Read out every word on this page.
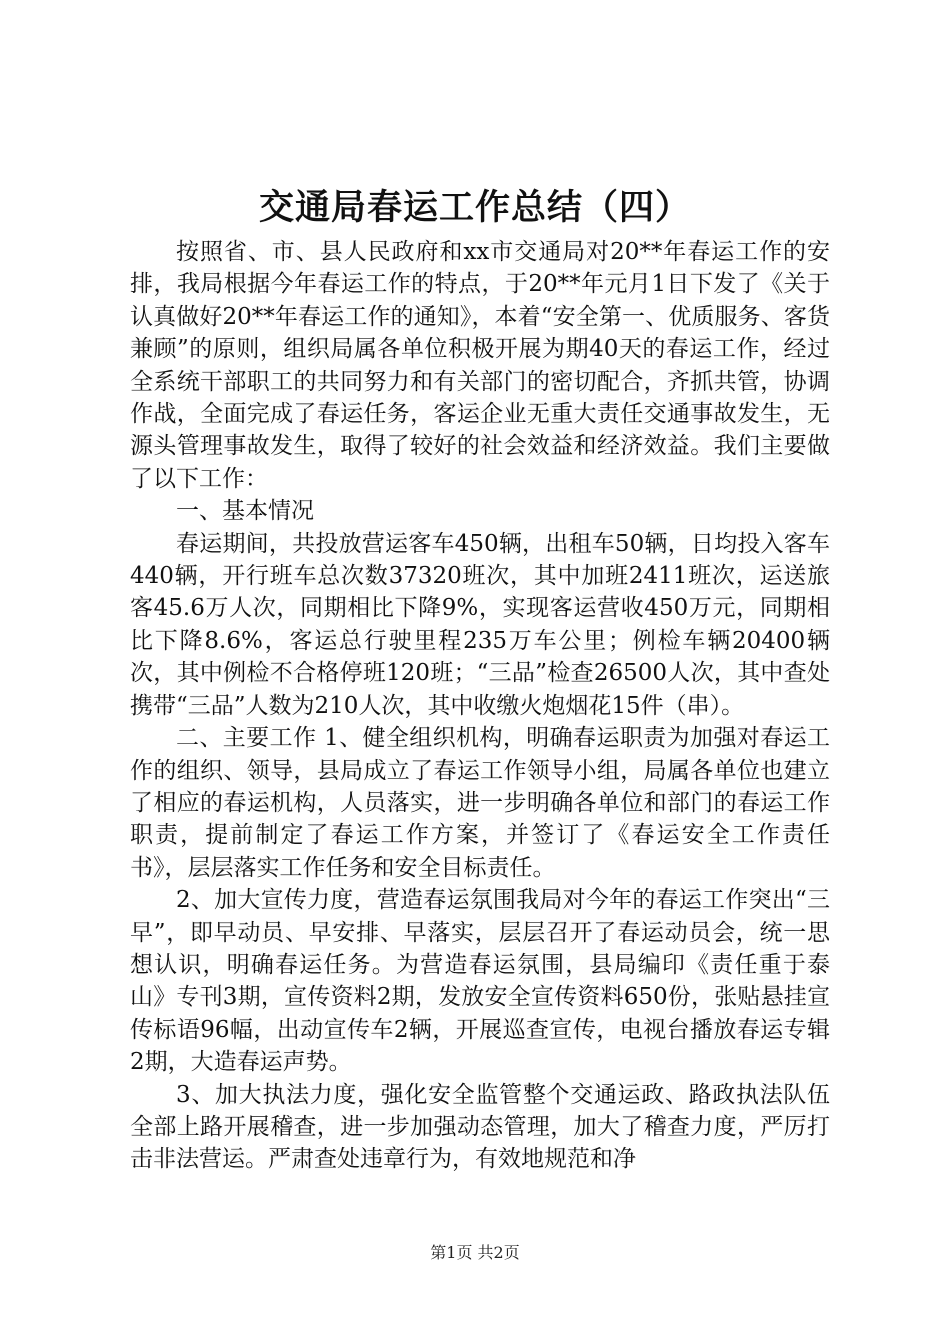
交通局春运工作总结（四）

按照省、市、县人民政府和xx市交通局对20**年春运工作的安排，我局根据今年春运工作的特点，于20**年元月1日下发了《关于认真做好20**年春运工作的通知》，本着“安全第一、优质服务、客货兼顾”的原则，组织局属各单位积极开展为期40天的春运工作，经过全系统干部职工的共同努力和有关部门的密切配合，齐抓共管，协调作战，全面完成了春运任务，客运企业无重大责任交通事故发生，无源头管理事故发生，取得了较好的社会效益和经济效益。我们主要做了以下工作：

一、基本情况

春运期间，共投放营运客车450辆，出租车50辆，日均投入客车440辆，开行班车总次数37320班次，其中加班2411班次，运送旅客45.6万人次，同期相比下降9%，实现客运营收450万元，同期相比下降8.6%，客运总行驶里程235万车公里；例检车辆20400辆次，其中例检不合格停班120班；“三品”检查26500人次，其中查处携带“三品”人数为210人次，其中收缴火炮烟花15件（串）。

二、主要工作 1、健全组织机构，明确春运职责为加强对春运工作的组织、领导，县局成立了春运工作领导小组，局属各单位也建立了相应的春运机构，人员落实，进一步明确各单位和部门的春运工作职责，提前制定了春运工作方案，并签订了《春运安全工作责任书》，层层落实工作任务和安全目标责任。

2、加大宣传力度，营造春运氛围我局对今年的春运工作突出“三早”，即早动员、早安排、早落实，层层召开了春运动员会，统一思想认识，明确春运任务。为营造春运氛围，县局编印《责任重于泰山》专刊3期，宣传资料2期，发放安全宣传资料650份，张贴悬挂宣传标语96幅，出动宣传车2辆，开展巡查宣传，电视台播放春运专辑2期，大造春运声势。

3、加大执法力度，强化安全监管整个交通运政、路政执法队伍全部上路开展稽查，进一步加强动态管理，加大了稽查力度，严厉打击非法营运。严肃查处违章行为，有效地规范和净

第1页 共2页
